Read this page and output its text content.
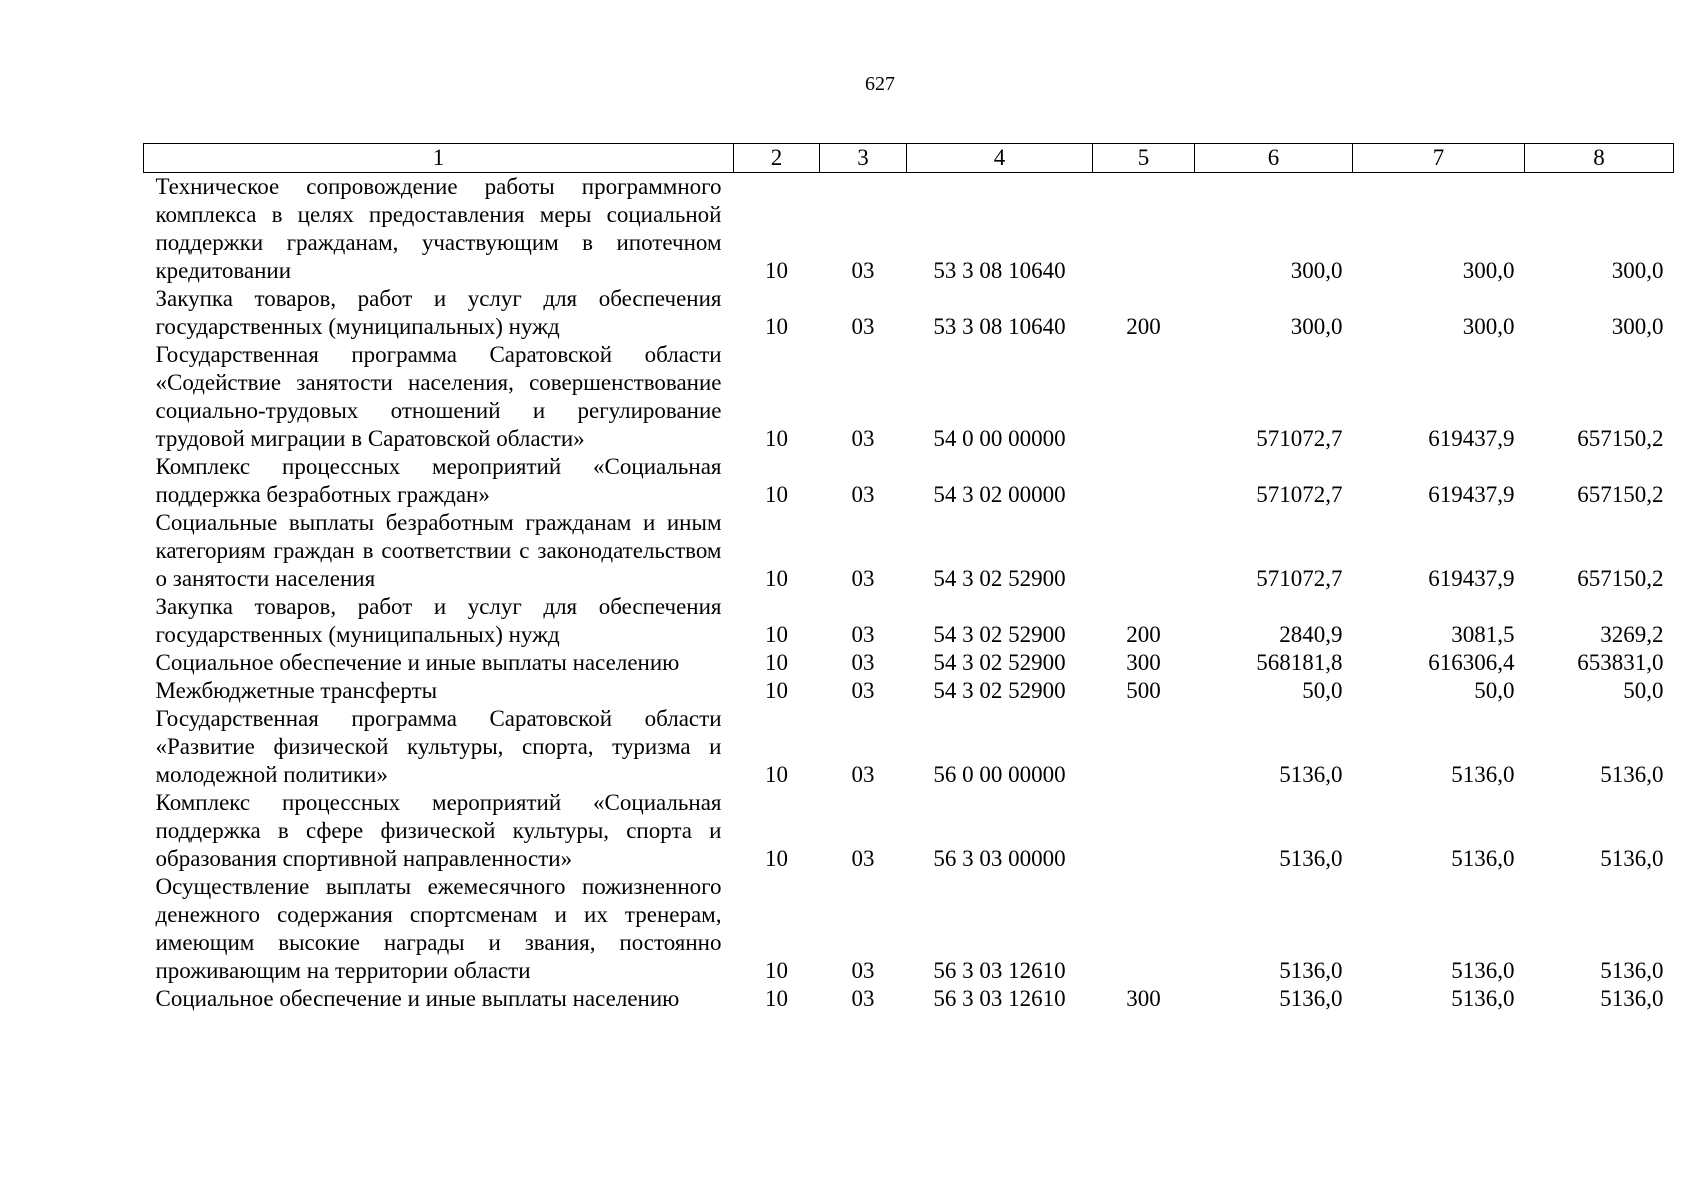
627
1	2	3	4	5	6	7	8
Техническое сопровождение работы программного комплекса в целях предоставления меры социальной поддержки гражданам, участвующим в ипотечном кредитовании	10	03	53 3 08 10640		300,0	300,0	300,0
Закупка товаров, работ и услуг для обеспечения государственных (муниципальных) нужд	10	03	53 3 08 10640	200	300,0	300,0	300,0
Государственная программа Саратовской области «Содействие занятости населения, совершенствование социально-трудовых отношений и регулирование трудовой миграции в Саратовской области»	10	03	54 0 00 00000		571072,7	619437,9	657150,2
Комплекс процессных мероприятий «Социальная поддержка безработных граждан»	10	03	54 3 02 00000		571072,7	619437,9	657150,2
Социальные выплаты безработным гражданам и иным категориям граждан в соответствии с законодательством о занятости населения	10	03	54 3 02 52900		571072,7	619437,9	657150,2
Закупка товаров, работ и услуг для обеспечения государственных (муниципальных) нужд	10	03	54 3 02 52900	200	2840,9	3081,5	3269,2
Социальное обеспечение и иные выплаты населению	10	03	54 3 02 52900	300	568181,8	616306,4	653831,0
Межбюджетные трансферты	10	03	54 3 02 52900	500	50,0	50,0	50,0
Государственная программа Саратовской области «Развитие физической культуры, спорта, туризма и молодежной политики»	10	03	56 0 00 00000		5136,0	5136,0	5136,0
Комплекс процессных мероприятий «Социальная поддержка в сфере физической культуры, спорта и образования спортивной направленности»	10	03	56 3 03 00000		5136,0	5136,0	5136,0
Осуществление выплаты ежемесячного пожизненного денежного содержания спортсменам и их тренерам, имеющим высокие награды и звания, постоянно проживающим на территории области	10	03	56 3 03 12610		5136,0	5136,0	5136,0
Социальное обеспечение и иные выплаты населению	10	03	56 3 03 12610	300	5136,0	5136,0	5136,0
